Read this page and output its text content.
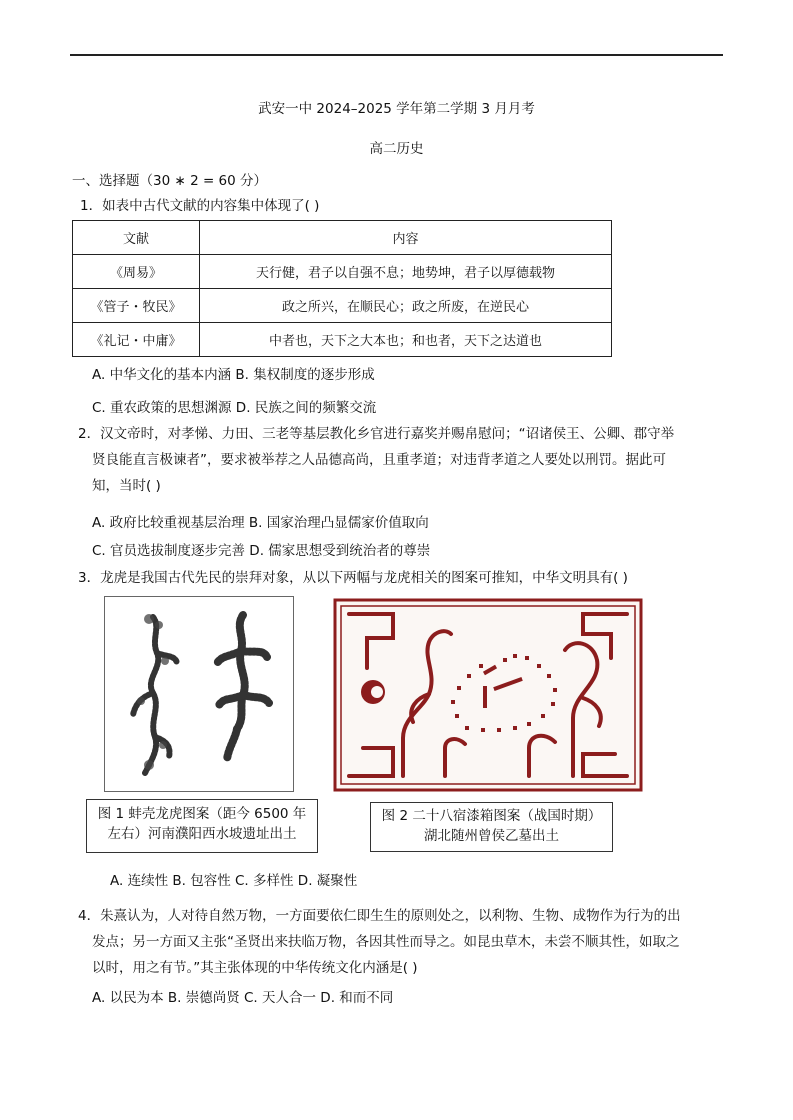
武安一中 2024–2025 学年第二学期 3 月月考
高二历史
一、选择题（30 ∗ 2 = 60 分）
1．如表中古代文献的内容集中体现了( )
文献	内容
《周易》	天行健，君子以自强不息；地势坤，君子以厚德载物
《管子・牧民》	政之所兴，在顺民心；政之所废，在逆民心
《礼记・中庸》	中者也，天下之大本也；和也者，天下之达道也
A. 中华文化的基本内涵 B. 集权制度的逐步形成
C. 重农政策的思想渊源 D. 民族之间的频繁交流
2．汉文帝时，对孝悌、力田、三老等基层教化乡官进行嘉奖并赐帛慰问；“诏诸侯王、公卿、郡守举
贤良能直言极谏者”，要求被举荐之人品德高尚，且重孝道；对违背孝道之人要处以刑罚。据此可
知，当时( )
A. 政府比较重视基层治理 B. 国家治理凸显儒家价值取向
C. 官员选拔制度逐步完善 D. 儒家思想受到统治者的尊崇
3．龙虎是我国古代先民的崇拜对象，从以下两幅与龙虎相关的图案可推知，中华文明具有( )
图 1 蚌壳龙虎图案（距今 6500 年
左右）河南濮阳西水坡遗址出土
图 2 二十八宿漆箱图案（战国时期）
湖北随州曾侯乙墓出土
A. 连续性 B. 包容性 C. 多样性 D. 凝聚性
4．朱熹认为，人对待自然万物，一方面要依仁即生生的原则处之，以利物、生物、成物作为行为的出
发点；另一方面又主张“圣贤出来扶临万物，各因其性而导之。如昆虫草木，未尝不顺其性，如取之
以时，用之有节。”其主张体现的中华传统文化内涵是( )
A. 以民为本 B. 崇德尚贤 C. 天人合一 D. 和而不同
